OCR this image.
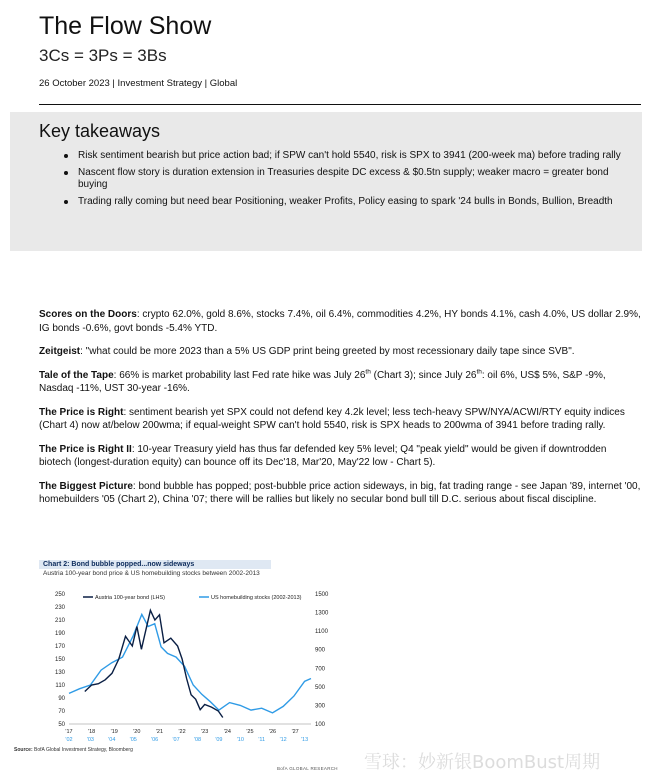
The Flow Show
3Cs = 3Ps = 3Bs
26 October 2023 | Investment Strategy | Global
Key takeaways
Risk sentiment bearish but price action bad; if SPW can't hold 5540, risk is SPX to 3941 (200-week ma) before trading rally
Nascent flow story is duration extension in Treasuries despite DC excess & $0.5tn supply; weaker macro = greater bond buying
Trading rally coming but need bear Positioning, weaker Profits, Policy easing to spark '24 bulls in Bonds, Bullion, Breadth

Scores on the Doors: crypto 62.0%, gold 8.6%, stocks 7.4%, oil 6.4%, commodities 4.2%, HY bonds 4.1%, cash 4.0%, US dollar 2.9%, IG bonds -0.6%, govt bonds -5.4% YTD.

Zeitgeist: "what could be more 2023 than a 5% US GDP print being greeted by most recessionary daily tape since SVB".

Tale of the Tape: 66% is market probability last Fed rate hike was July 26th (Chart 3); since July 26th: oil 6%, US$ 5%, S&P -9%, Nasdaq -11%, UST 30-year -16%.

The Price is Right: sentiment bearish yet SPX could not defend key 4.2k level; less tech-heavy SPW/NYA/ACWI/RTY equity indices (Chart 4) now at/below 200wma; if equal-weight SPW can't hold 5540, risk is SPX heads to 200wma of 3941 before trading rally.

The Price is Right II: 10-year Treasury yield has thus far defended key 5% level; Q4 "peak yield" would be given if downtrodden biotech (longest-duration equity) can bounce off its Dec'18, Mar'20, May'22 low - Chart 5).

The Biggest Picture: bond bubble has popped; post-bubble price action sideways, in big, fat trading range - see Japan '89, internet '00, homebuilders '05 (Chart 2), China '07; there will be rallies but likely no secular bond bull till D.C. serious about fiscal discipline.

Chart 2: Bond bubble popped...now sideways
Austria 100-year bond price & US homebuilding stocks between 2002-2013
250
230
210
190
170
150
130
110
90
70
50
1500
1300
1100
900
700
500
300
100
'17	'18	'19	'20	'21	'22	'23	'24	'25	'26	'27
'02	'03	'04	'05	'06	'07	'08	'09	'10	'11	'12	'13
Austria 100-year bond (LHS)	US homebuilding stocks (2002-2013)
Source: BofA Global Investment Strategy, Bloomberg
BofA GLOBAL RESEARCH 雪球：妙新银BoomBust周期
